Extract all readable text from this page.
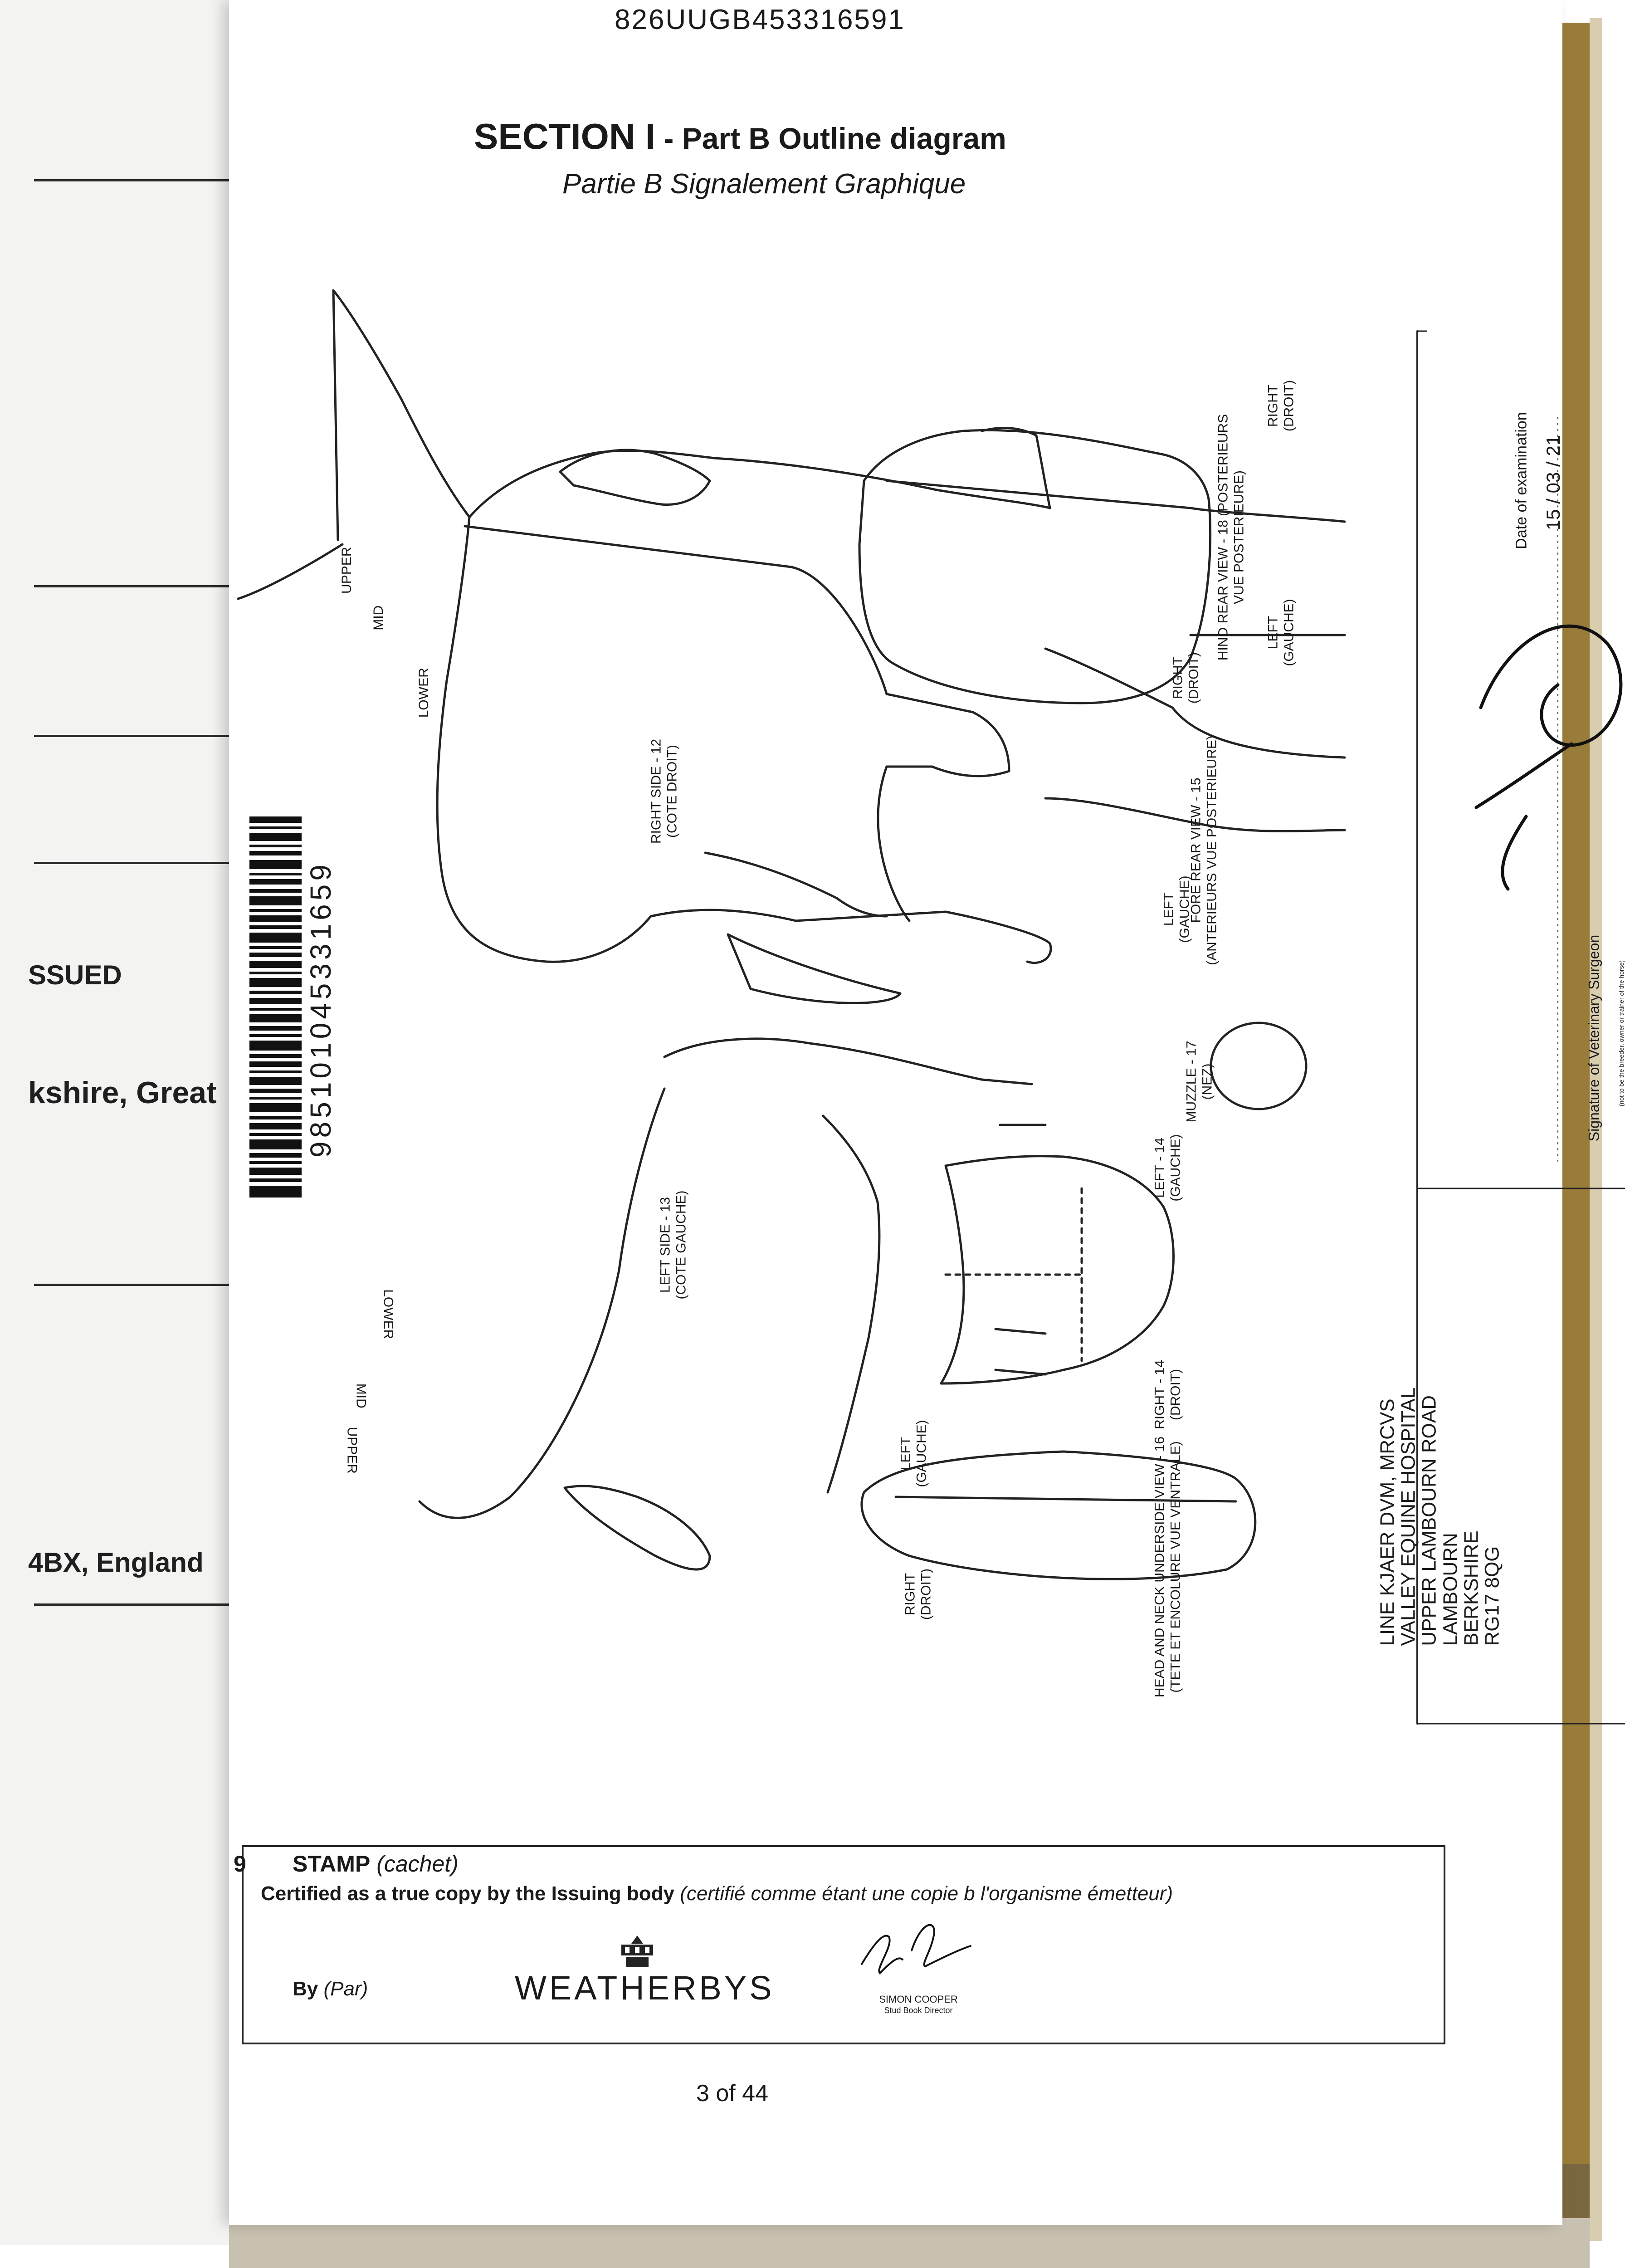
SSUED
kshire, Great
4BX, England
826UUGB453316591
SECTION I - Part B Outline diagram
Partie B Signalement Graphique
985101045331659
UPPER
MID
LOWER
LOWER
MID
UPPER
RIGHT SIDE - 12 (COTE DROIT)
LEFT SIDE - 13 (COTE GAUCHE)
HIND REAR VIEW - 18 (POSTERIEURS VUE POSTERIEURE)
FORE REAR VIEW - 15 (ANTERIEURS VUE POSTERIEURE)
MUZZLE - 17 (NEZ)
HEAD AND NECK UNDERSIDE VIEW - 16 (TETE ET ENCOLURE VUE VENTRALE)
RIGHT (DROIT)
LEFT (GAUCHE)
RIGHT (DROIT)
LEFT (GAUCHE)
LEFT - 14 (GAUCHE)
RIGHT - 14 (DROIT)
LEFT (GAUCHE)
RIGHT (DROIT)
Date of examination 15 / 03 / 21
Signature of Veterinary Surgeon (not to be the breeder, owner or trainer of the horse)
LINE KJAER DVM, MRCVS
VALLEY EQUINE HOSPITAL
UPPER LAMBOURN ROAD
LAMBOURN
BERKSHIRE
RG17 8QG
9 STAMP (cachet)
Certified as a true copy by the Issuing body (certifié comme étant une copie b l'organisme émetteur)
By (Par)	WEATHERBYS	SIMON COOPER
Stud Book Director
3 of 44
